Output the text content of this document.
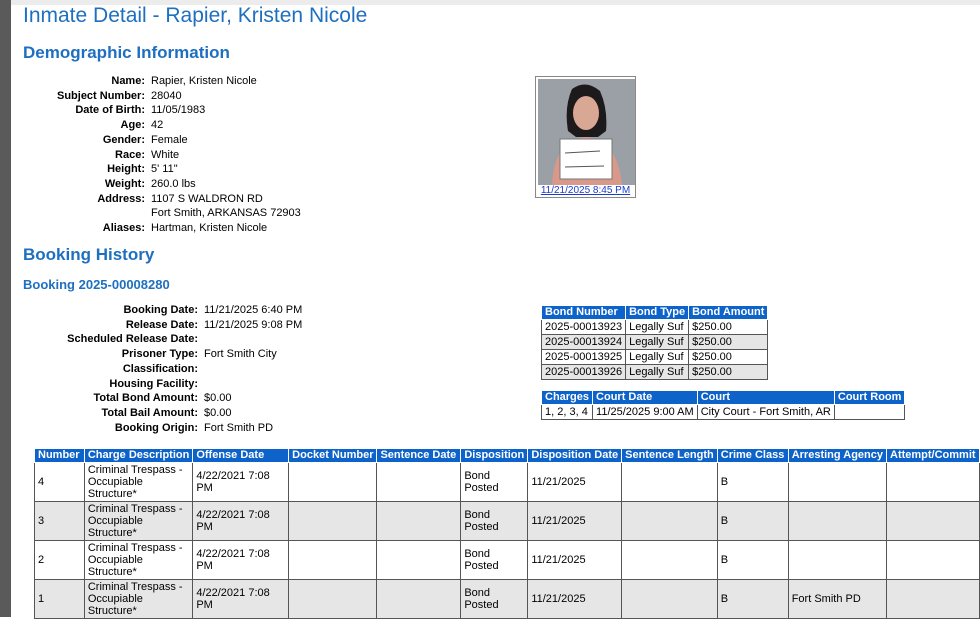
Inmate Detail - Rapier, Kristen Nicole
Demographic Information
Name: Rapier, Kristen Nicole
Subject Number: 28040
Date of Birth: 11/05/1983
Age: 42
Gender: Female
Race: White
Height: 5' 11"
Weight: 260.0 lbs
Address: 1107 S WALDRON RD
Fort Smith, ARKANSAS 72903
Aliases: Hartman, Kristen Nicole
11/21/2025 8:45 PM
Booking History
Booking 2025-00008280
Booking Date: 11/21/2025 6:40 PM
Release Date: 11/21/2025 9:08 PM
Scheduled Release Date:
Prisoner Type: Fort Smith City
Classification:
Housing Facility:
Total Bond Amount: $0.00
Total Bail Amount: $0.00
Booking Origin: Fort Smith PD
Bond Number	Bond Type	Bond Amount
2025-00013923	Legally Suf	$250.00
2025-00013924	Legally Suf	$250.00
2025-00013925	Legally Suf	$250.00
2025-00013926	Legally Suf	$250.00
Charges	Court Date	Court	Court Room
1, 2, 3, 4	11/25/2025 9:00 AM	City Court - Fort Smith, AR	
Number	Charge Description	Offense Date	Docket Number	Sentence Date	Disposition	Disposition Date	Sentence Length	Crime Class	Arresting Agency	Attempt/Commit
4	Criminal Trespass - Occupiable Structure*	4/22/2021 7:08 PM			Bond Posted	11/21/2025		B		
3	Criminal Trespass - Occupiable Structure*	4/22/2021 7:08 PM			Bond Posted	11/21/2025		B		
2	Criminal Trespass - Occupiable Structure*	4/22/2021 7:08 PM			Bond Posted	11/21/2025		B		
1	Criminal Trespass - Occupiable Structure*	4/22/2021 7:08 PM			Bond Posted	11/21/2025		B	Fort Smith PD	
